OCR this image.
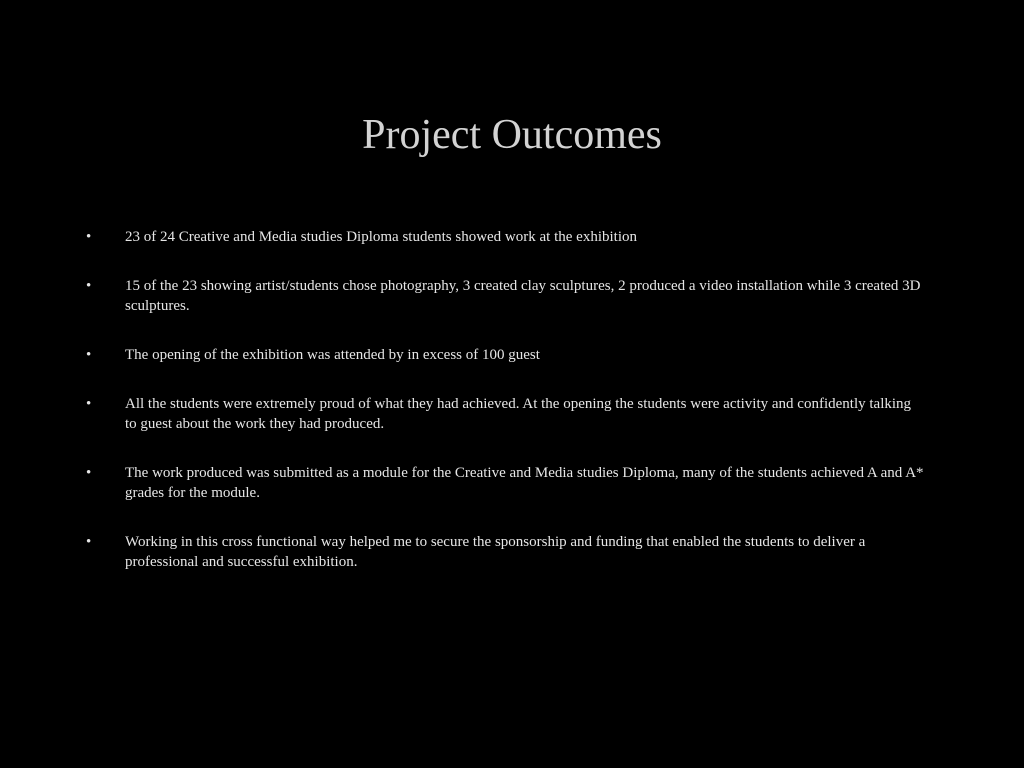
Project Outcomes
•	23 of 24 Creative and Media studies Diploma students showed work at the exhibition
•	15 of the 23 showing artist/students chose photography, 3 created clay sculptures, 2 produced a video installation while 3 created 3D sculptures.
•	The opening of the exhibition was attended by in excess of 100 guest
•	All the students were extremely proud of what they had achieved. At the opening the students were activity and confidently talking to guest about the work they had produced.
•	The work produced was submitted as a module for the Creative and Media studies Diploma, many of the students achieved A and A* grades for the module.
•	Working in this cross functional way helped me to secure the sponsorship and funding that enabled the students to deliver a professional and successful exhibition.
